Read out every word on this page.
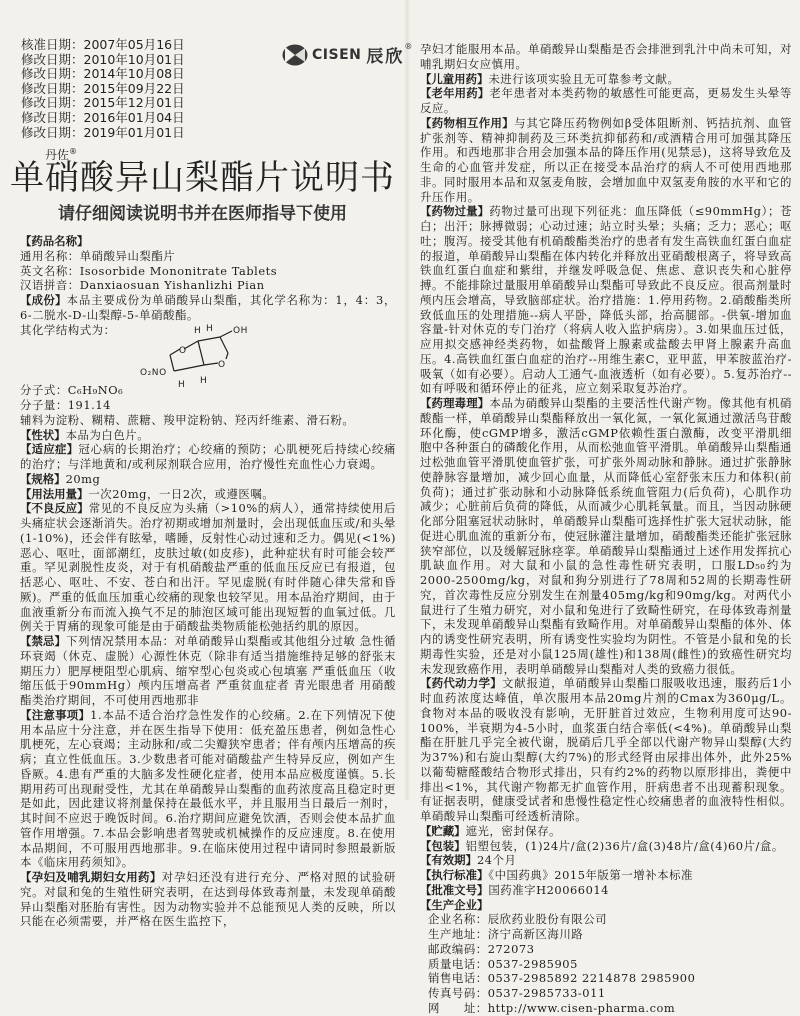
核准日期：2007年05月16日
修改日期：2010年10月01日
修改日期：2014年10月08日
修改日期：2015年09月22日
修改日期：2015年12月01日
修改日期：2016年01月04日
修改日期：2019年01月01日
CISEN 辰欣
®
丹佐®
单硝酸异山梨酯片说明书
请仔细阅读说明书并在医师指导下使用

【药品名称】

通用名称：单硝酸异山梨酯片

英文名称：Isosorbide Mononitrate Tablets

汉语拼音：Danxiaosuan Yishanlizhi Pian

【成份】本品主要成份为单硝酸异山梨酯，其化学名称为：1，4：3，6-二脱水-D-山梨醇-5-单硝酸酯。

其化学结构式为：	H H OH
O
O
O₂NO
H H

分子式：C₆H₉NO₆

分子量：191.14

辅料为淀粉、糊精、蔗糖、羧甲淀粉钠、羟丙纤维素、滑石粉。

【性状】本品为白色片。

【适应症】冠心病的长期治疗；心绞痛的预防；心肌梗死后持续心绞痛的治疗；与洋地黄和/或利尿剂联合应用，治疗慢性充血性心力衰竭。

【规格】20mg

【用法用量】一次20mg，一日2次，或遵医嘱。

【不良反应】常见的不良反应为头痛（>10%的病人），通常持续使用后头痛症状会逐渐消失。治疗初期或增加剂量时，会出现低血压或/和头晕(1-10%)，还会伴有眩晕，嗜睡，反射性心动过速和乏力。偶见(<1%)恶心、呕吐，面部潮红，皮肤过敏(如皮疹)，此种症状有时可能会较严重。罕见剥脱性皮炎，对于有机硝酸盐严重的低血压反应已有报道，包括恶心、呕吐、不安、苍白和出汗。罕见虚脱(有时伴随心律失常和昏厥)。严重的低血压加重心绞痛的现象也较罕见。用本品治疗期间，由于血液重新分布而流入换气不足的肺泡区域可能出现短暂的血氧过低。几例关于胃痛的现象可能是由于硝酸盐类物质能松弛括约肌的原因。

【禁忌】下列情况禁用本品：对单硝酸异山梨酯或其他组分过敏 急性循环衰竭（休克、虚脱）心源性休克（除非有适当措施维持足够的舒张末期压力）肥厚梗阻型心肌病、缩窄型心包炎或心包填塞 严重低血压（收缩压低于90mmHg）颅内压增高者 严重贫血症者 青光眼患者 用硝酸酯类治疗期间，不可使用西地那非

【注意事项】1.本品不适合治疗急性发作的心绞痛。2.在下列情况下使用本品应十分注意，并在医生指导下使用：低充盈压患者，例如急性心肌梗死，左心衰竭；主动脉和/或二尖瓣狭窄患者；伴有颅内压增高的疾病；直立性低血压。3.少数患者可能对硝酸盐产生特异反应，例如产生昏厥。4.患有严重的大脑多发性硬化症者，使用本品应极度谨慎。5.长期用药可出现耐受性，尤其在单硝酸异山梨酯的血药浓度高且稳定时更是如此，因此建议将剂量保持在最低水平，并且服用当日最后一剂时，其时间不应迟于晚饭时间。6.治疗期间应避免饮酒，否则会使本品扩血管作用增强。7.本品会影响患者驾驶或机械操作的反应速度。8.在使用本品期间，不可服用西地那非。9.在临床使用过程中请同时参照最新版本《临床用药须知》。

【孕妇及哺乳期妇女用药】对孕妇还没有进行充分、严格对照的试验研究。对鼠和兔的生殖性研究表明，在达到母体致毒剂量，未发现单硝酸异山梨酯对胚胎有害性。因为动物实验并不总能预见人类的反映，所以只能在必须需要，并严格在医生监控下，

孕妇才能服用本品。单硝酸异山梨酯是否会排泄到乳汁中尚未可知，对哺乳期妇女应慎用。

【儿童用药】未进行该项实验且无可靠参考文献。

【老年用药】老年患者对本类药物的敏感性可能更高，更易发生头晕等反应。

【药物相互作用】与其它降压药物例如β受体阻断剂、钙拮抗剂、血管扩张剂等、精神抑制药及三环类抗抑郁药和/或酒精合用可加强其降压作用。和西地那非合用会加强本品的降压作用(见禁忌)，这将导致危及生命的心血管并发症，所以正在接受本品治疗的病人不可使用西地那非。同时服用本品和双氢麦角胺，会增加血中双氢麦角胺的水平和它的升压作用。

【药物过量】药物过量可出现下列征兆：血压降低（≤90mmHg）；苍白；出汗；脉搏微弱；心动过速；站立时头晕；头痛；乏力；恶心；呕吐；腹泻。接受其他有机硝酸酯类治疗的患者有发生高铁血红蛋白血症的报道，单硝酸异山梨酯在体内转化并释放出亚硝酸根离子，将导致高铁血红蛋白血症和紫绀，并继发呼吸急促、焦虑、意识丧失和心脏停搏。不能排除过量服用单硝酸异山梨酯可导致此不良反应。很高剂量时颅内压会增高，导致脑部症状。治疗措施：1.停用药物。2.硝酸酯类所致低血压的处理措施--病人平卧，降低头部，抬高腿部。-供氧-增加血容量-针对休克的专门治疗（将病人收入监护病房）。3.如果血压过低，应用拟交感神经类药物，如盐酸肾上腺素或盐酸去甲肾上腺素升高血压。4.高铁血红蛋白血症的治疗--用维生素C，亚甲蓝，甲苯胺蓝治疗-吸氧（如有必要）。启动人工通气-血液透析（如有必要）。5.复苏治疗--如有呼吸和循环停止的征兆，应立刻采取复苏治疗。

【药理毒理】本品为硝酸异山梨酯的主要活性代谢产物。像其他有机硝酸酯一样，单硝酸异山梨酯释放出一氧化氮，一氧化氮通过激活鸟苷酸环化酶，使cGMP增多，激活cGMP依赖性蛋白激酶，改变平滑肌细胞中各种蛋白的磷酸化作用，从而松弛血管平滑肌。单硝酸异山梨酯通过松弛血管平滑肌使血管扩张，可扩张外周动脉和静脉。通过扩张静脉使静脉容量增加，减少回心血量，从而降低心室舒张末压力和体积(前负荷)；通过扩张动脉和小动脉降低系统血管阻力(后负荷)，心肌作功减少；心脏前后负荷的降低，从而减少心肌耗氧量。而且，当因动脉硬化部分阻塞冠状动脉时，单硝酸异山梨酯可选择性扩张大冠状动脉，能促进心肌血流的重新分布，使冠脉灌注量增加，硝酸酯类还能扩张冠脉狭窄部位，以及缓解冠脉痉挛。单硝酸异山梨酯通过上述作用发挥抗心肌缺血作用。对大鼠和小鼠的急性毒性研究表明，口服LD₅₀约为2000-2500mg/kg，对鼠和狗分别进行了78周和52周的长期毒性研究，首次毒性反应分别发生在剂量405mg/kg和90mg/kg。对两代小鼠进行了生殖力研究，对小鼠和兔进行了致畸性研究，在母体致毒剂量下，未发现单硝酸异山梨酯有致畸作用。对单硝酸异山梨酯的体外、体内的诱变性研究表明，所有诱变性实验均为阴性。不管是小鼠和兔的长期毒性实验，还是对小鼠125周(雄性)和138周(雌性)的致癌性研究均未发现致癌作用，表明单硝酸异山梨酯对人类的致癌力很低。

【药代动力学】文献报道，单硝酸异山梨酯口服吸收迅速，服药后1小时血药浓度达峰值，单次服用本品20mg片剂的Cmax为360μg/L。食物对本品的吸收没有影响，无肝脏首过效应，生物利用度可达90-100%，半衰期为4-5小时，血浆蛋白结合率低(<4%)。单硝酸异山梨酯在肝脏几乎完全被代谢，脱硝后几乎全部以代谢产物异山梨醇(大约为37%)和右旋山梨醇(大约7%)的形式经肾由尿排出体外，此外25%以葡萄糖醛酸结合物形式排出，只有约2%的药物以原形排出，粪便中排出<1%，其代谢产物都无扩血管作用，肝病患者不出现蓄积现象。有证据表明，健康受试者和患慢性稳定性心绞痛患者的血液特性相似。单硝酸异山梨酯可经透析清除。

【贮藏】遮光，密封保存。

【包装】铝塑包装，(1)24片/盒(2)36片/盒(3)48片/盒(4)60片/盒。

【有效期】24个月

【执行标准】《中国药典》2015年版第一增补本标准

【批准文号】国药准字H20066014

【生产企业】

企业名称：辰欣药业股份有限公司

生产地址：济宁高新区海川路

邮政编码：272073

质量电话：0537-2985905

销售电话：0537-2985892 2214878 2985900

传真号码：0537-2985733-011

网　　址：http://www.cisen-pharma.com
